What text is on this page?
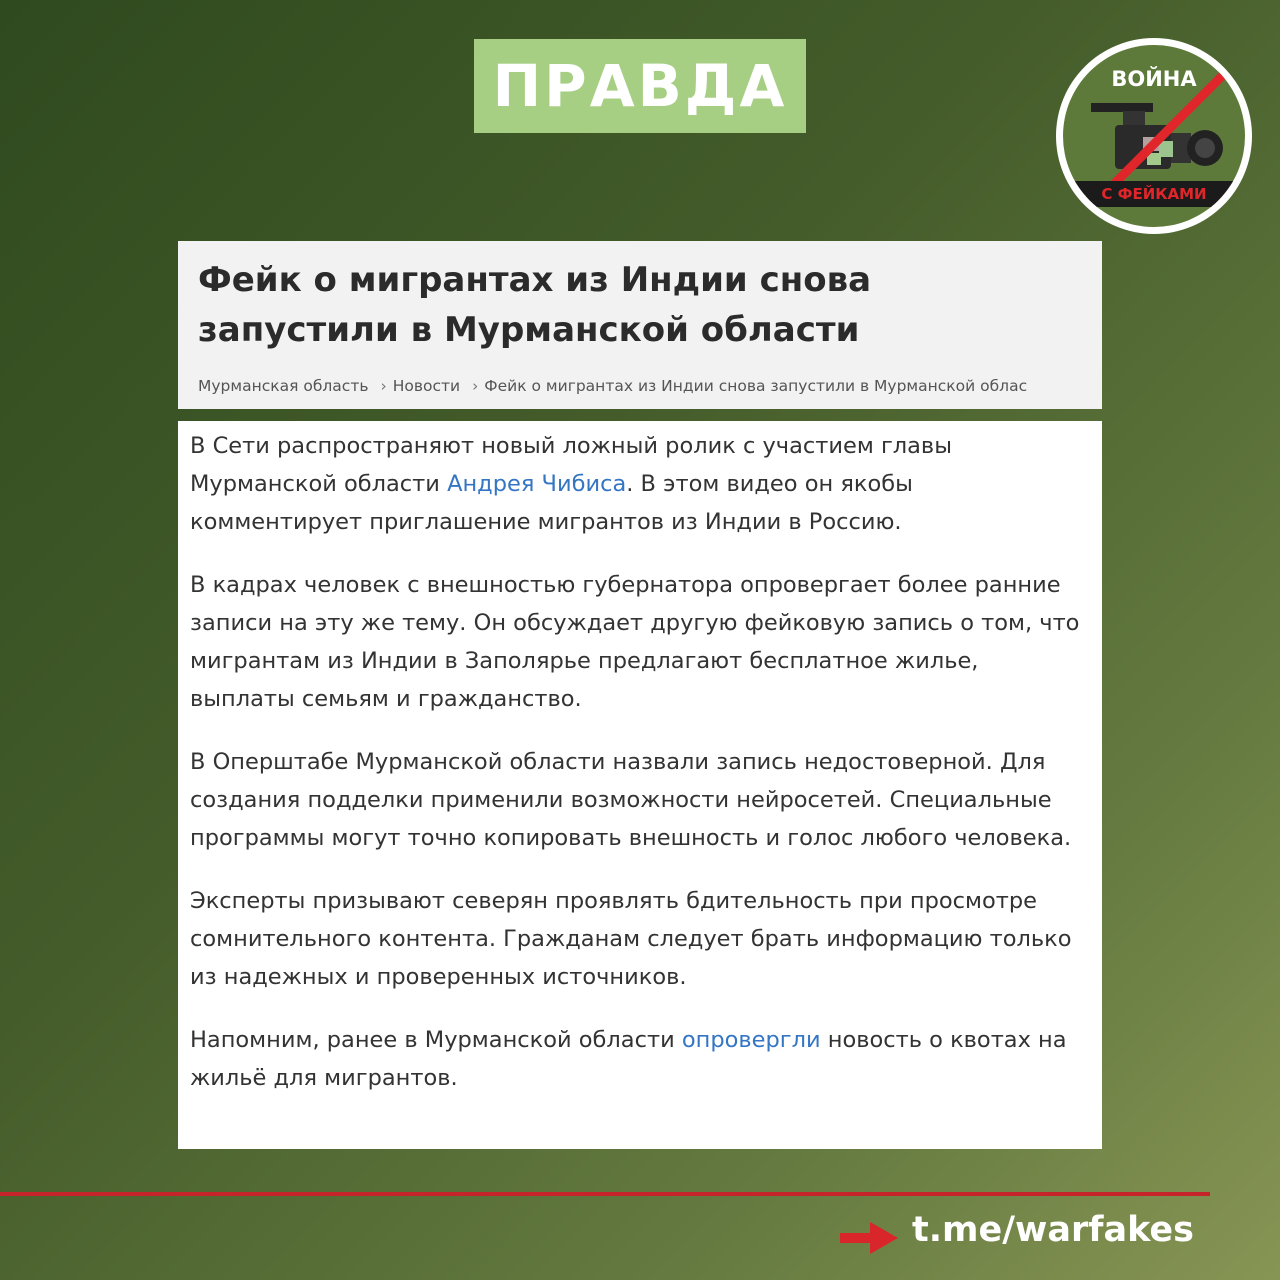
ПРАВДА	ВОЙНА
С ФЕЙКАМИ
Фейк о мигрантах из Индии снова
запустили в Мурманской области
Мурманская область › Новости › Фейк о мигрантах из Индии снова запустили в Мурманской облас

В Сети распространяют новый ложный ролик с участием главы Мурманской области Андрея Чибиса. В этом видео он якобы комментирует приглашение мигрантов из Индии в Россию.

В кадрах человек с внешностью губернатора опровергает более ранние записи на эту же тему. Он обсуждает другую фейковую запись о том, что мигрантам из Индии в Заполярье предлагают бесплатное жилье, выплаты семьям и гражданство.

В Оперштабе Мурманской области назвали запись недостоверной. Для создания подделки применили возможности нейросетей. Специальные программы могут точно копировать внешность и голос любого человека.

Эксперты призывают северян проявлять бдительность при просмотре сомнительного контента. Гражданам следует брать информацию только из надежных и проверенных источников.

Напомним, ранее в Мурманской области опровергли новость о квотах на жильё для мигрантов.

t.me/warfakes
